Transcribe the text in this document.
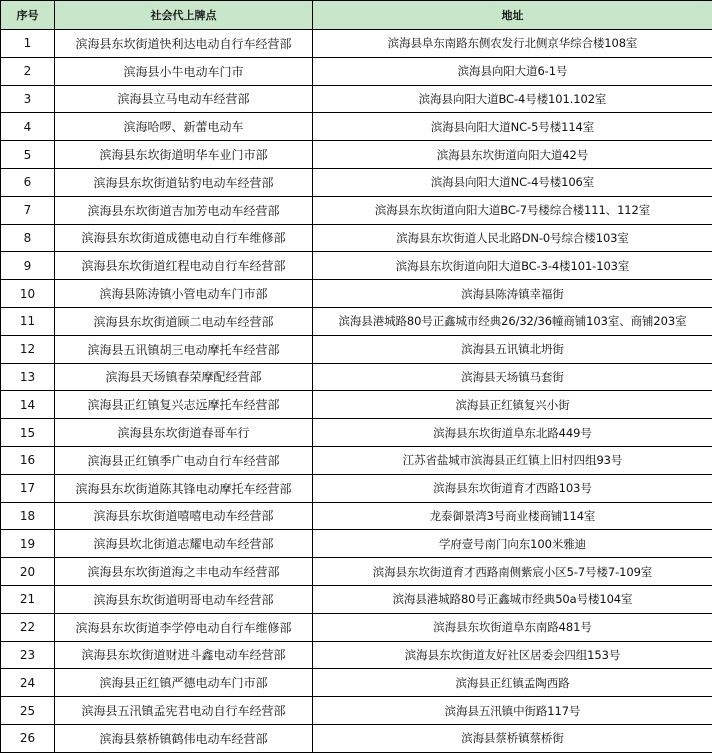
序号	社会代上牌点	地址
1	滨海县东坎街道快利达电动自行车经营部	滨海县阜东南路东侧农发行北侧京华综合楼108室
2	滨海县小牛电动车门市	滨海县向阳大道6-1号
3	滨海县立马电动车经营部	滨海县向阳大道BC-4号楼101.102室
4	滨海哈啰、新蕾电动车	滨海县向阳大道NC-5号楼114室
5	滨海县东坎街道明华车业门市部	滨海县东坎街道向阳大道42号
6	滨海县东坎街道钻豹电动车经营部	滨海县向阳大道NC-4号楼106室
7	滨海县东坎街道吉加芳电动车经营部	滨海县东坎街道向阳大道BC-7号楼综合楼111、112室
8	滨海县东坎街道成德电动自行车维修部	滨海县东坎街道人民北路DN-0号综合楼103室
9	滨海县东坎街道红程电动自行车经营部	滨海县东坎街道向阳大道BC-3-4楼101-103室
10	滨海县陈涛镇小管电动车门市部	滨海县陈涛镇幸福街
11	滨海县东坎街道顾二电动车经营部	滨海县港城路80号正鑫城市经典26/32/36幢商铺103室、商铺203室
12	滨海县五讯镇胡三电动摩托车经营部	滨海县五讯镇北坍街
13	滨海县天场镇春荣摩配经营部	滨海县天场镇马套街
14	滨海县正红镇复兴志远摩托车经营部	滨海县正红镇复兴小街
15	滨海县东坎街道春哥车行	滨海县东坎街道阜东北路449号
16	滨海县正红镇季广电动自行车经营部	江苏省盐城市滨海县正红镇上旧村四组93号
17	滨海县东坎街道陈其锋电动摩托车经营部	滨海县东坎街道育才西路103号
18	滨海县东坎街道嘻嘻电动车经营部	龙泰御景湾3号商业楼商铺114室
19	滨海县坎北街道志耀电动车经营部	学府壹号南门向东100米雅迪
20	滨海县东坎街道海之丰电动车经营部	滨海县东坎街道育才西路南侧紫宸小区5-7号楼7-109室
21	滨海县东坎街道明哥电动车经营部	滨海县港城路80号正鑫城市经典50a号楼104室
22	滨海县东坎街道李学停电动自行车维修部	滨海县东坎街道阜东南路481号
23	滨海县东坎街道财进斗鑫电动车经营部	滨海县东坎街道友好社区居委会四组153号
24	滨海县正红镇严德电动车门市部	滨海县正红镇孟陶西路
25	滨海县五汛镇孟宪君电动自行车经营部	滨海县五汛镇中街路117号
26	滨海县蔡桥镇鹤伟电动车经营部	滨海县蔡桥镇蔡桥街
